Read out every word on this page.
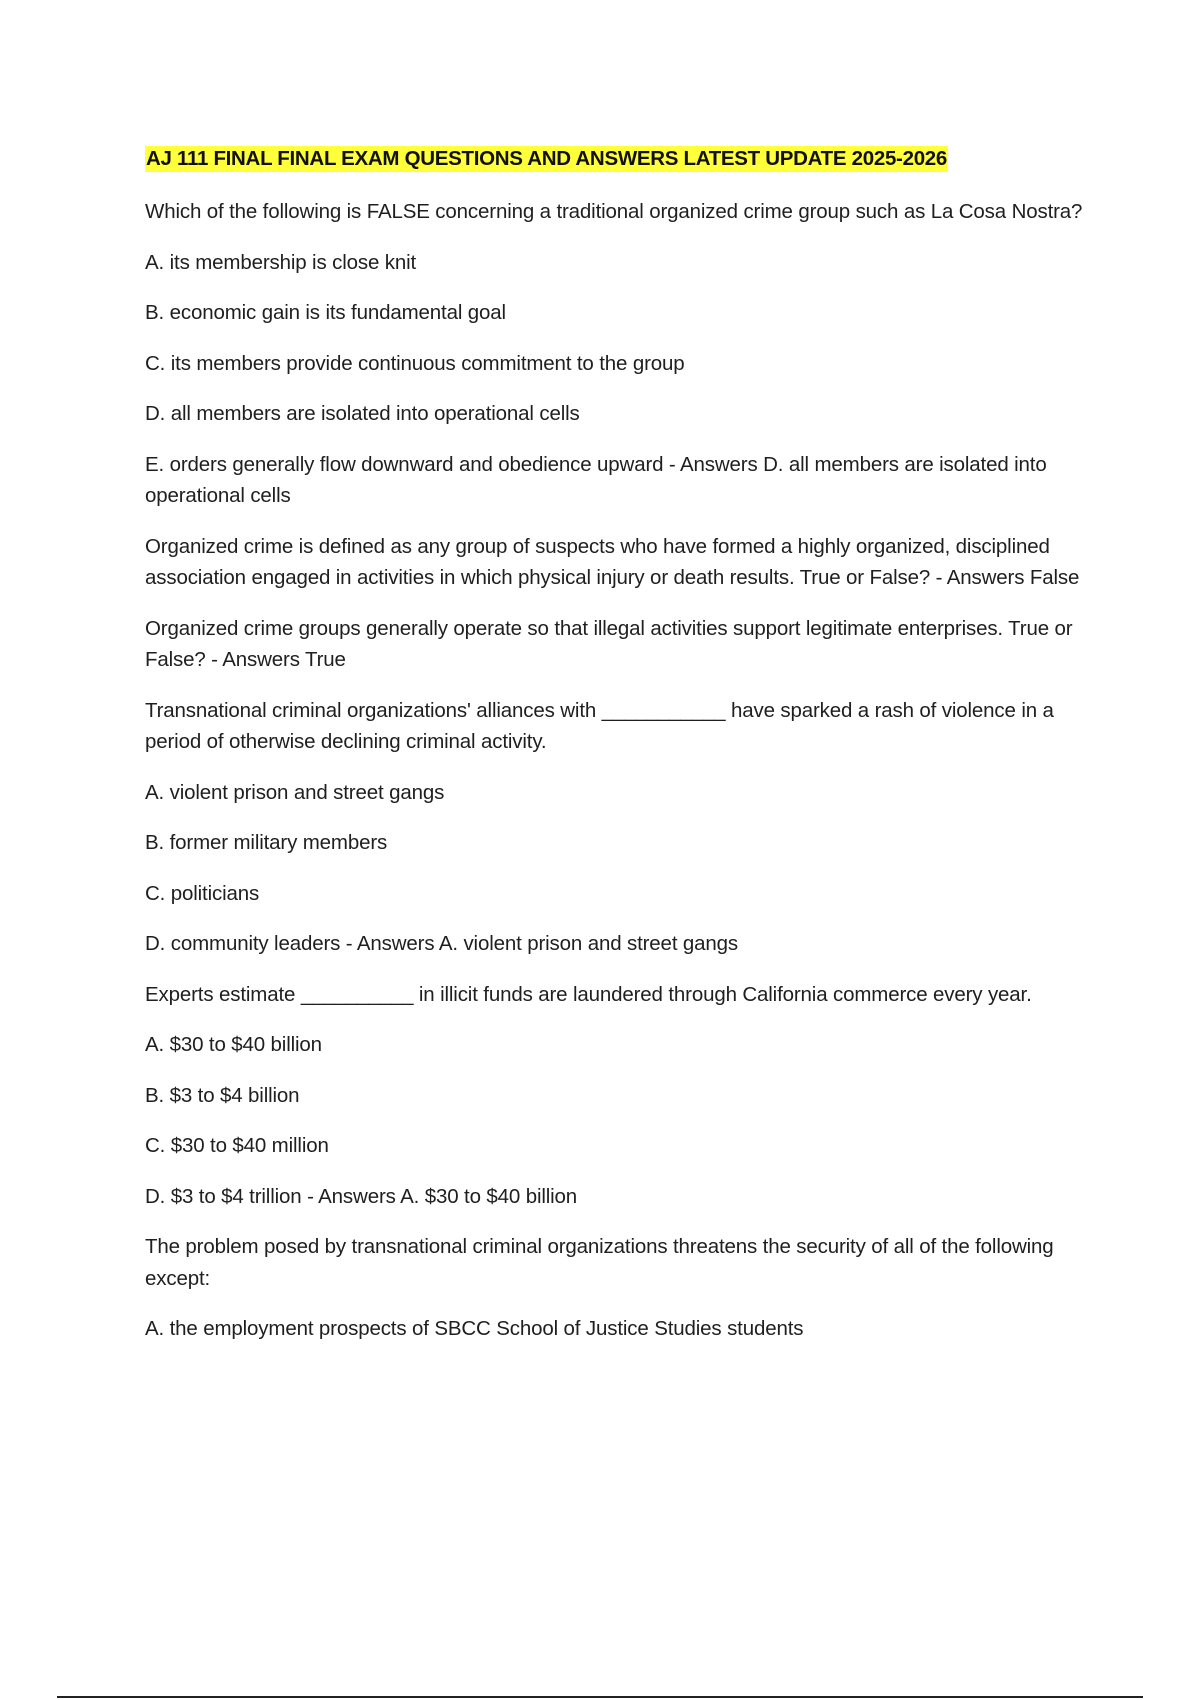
AJ 111 FINAL FINAL EXAM QUESTIONS AND ANSWERS LATEST UPDATE 2025-2026

Which of the following is FALSE concerning a traditional organized crime group such as La Cosa Nostra?

A. its membership is close knit

B. economic gain is its fundamental goal

C. its members provide continuous commitment to the group

D. all members are isolated into operational cells

E. orders generally flow downward and obedience upward - Answers D. all members are isolated into operational cells

Organized crime is defined as any group of suspects who have formed a highly organized, disciplined association engaged in activities in which physical injury or death results. True or False? - Answers False

Organized crime groups generally operate so that illegal activities support legitimate enterprises. True or False? - Answers True

Transnational criminal organizations' alliances with ___________ have sparked a rash of violence in a period of otherwise declining criminal activity.

A. violent prison and street gangs

B. former military members

C. politicians

D. community leaders - Answers A. violent prison and street gangs

Experts estimate __________ in illicit funds are laundered through California commerce every year.

A. $30 to $40 billion

B. $3 to $4 billion

C. $30 to $40 million

D. $3 to $4 trillion - Answers A. $30 to $40 billion

The problem posed by transnational criminal organizations threatens the security of all of the following except:

A. the employment prospects of SBCC School of Justice Studies students
